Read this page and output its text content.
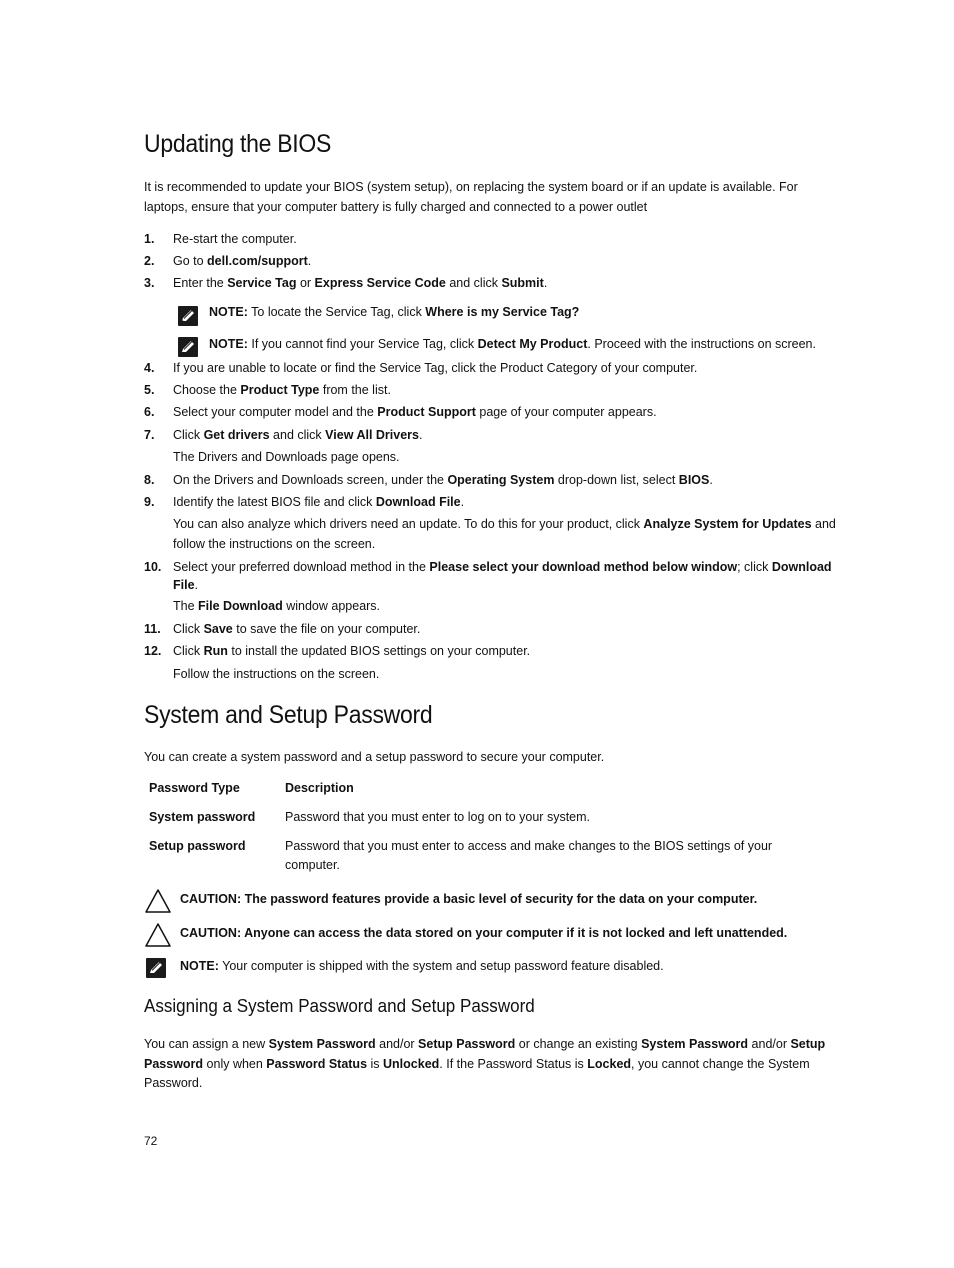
Updating the BIOS

It is recommended to update your BIOS (system setup), on replacing the system board or if an update is available. For laptops, ensure that your computer battery is fully charged and connected to a power outlet

1. Re-start the computer.
2. Go to dell.com/support.
3. Enter the Service Tag or Express Service Code and click Submit.
NOTE: To locate the Service Tag, click Where is my Service Tag?
NOTE: If you cannot find your Service Tag, click Detect My Product. Proceed with the instructions on screen.
4. If you are unable to locate or find the Service Tag, click the Product Category of your computer.
5. Choose the Product Type from the list.
6. Select your computer model and the Product Support page of your computer appears.
7. Click Get drivers and click View All Drivers.
The Drivers and Downloads page opens.
8. On the Drivers and Downloads screen, under the Operating System drop-down list, select BIOS.
9. Identify the latest BIOS file and click Download File.
You can also analyze which drivers need an update. To do this for your product, click Analyze System for Updates and follow the instructions on the screen.
10. Select your preferred download method in the Please select your download method below window; click Download File.
The File Download window appears.
11. Click Save to save the file on your computer.
12. Click Run to install the updated BIOS settings on your computer.
Follow the instructions on the screen.
System and Setup Password

You can create a system password and a setup password to secure your computer.

Password Type	Description
System password	Password that you must enter to log on to your system.
Setup password	Password that you must enter to access and make changes to the BIOS settings of your computer.
CAUTION: The password features provide a basic level of security for the data on your computer.
CAUTION: Anyone can access the data stored on your computer if it is not locked and left unattended.
NOTE: Your computer is shipped with the system and setup password feature disabled.
Assigning a System Password and Setup Password

You can assign a new System Password and/or Setup Password or change an existing System Password and/or Setup Password only when Password Status is Unlocked. If the Password Status is Locked, you cannot change the System Password.

72
